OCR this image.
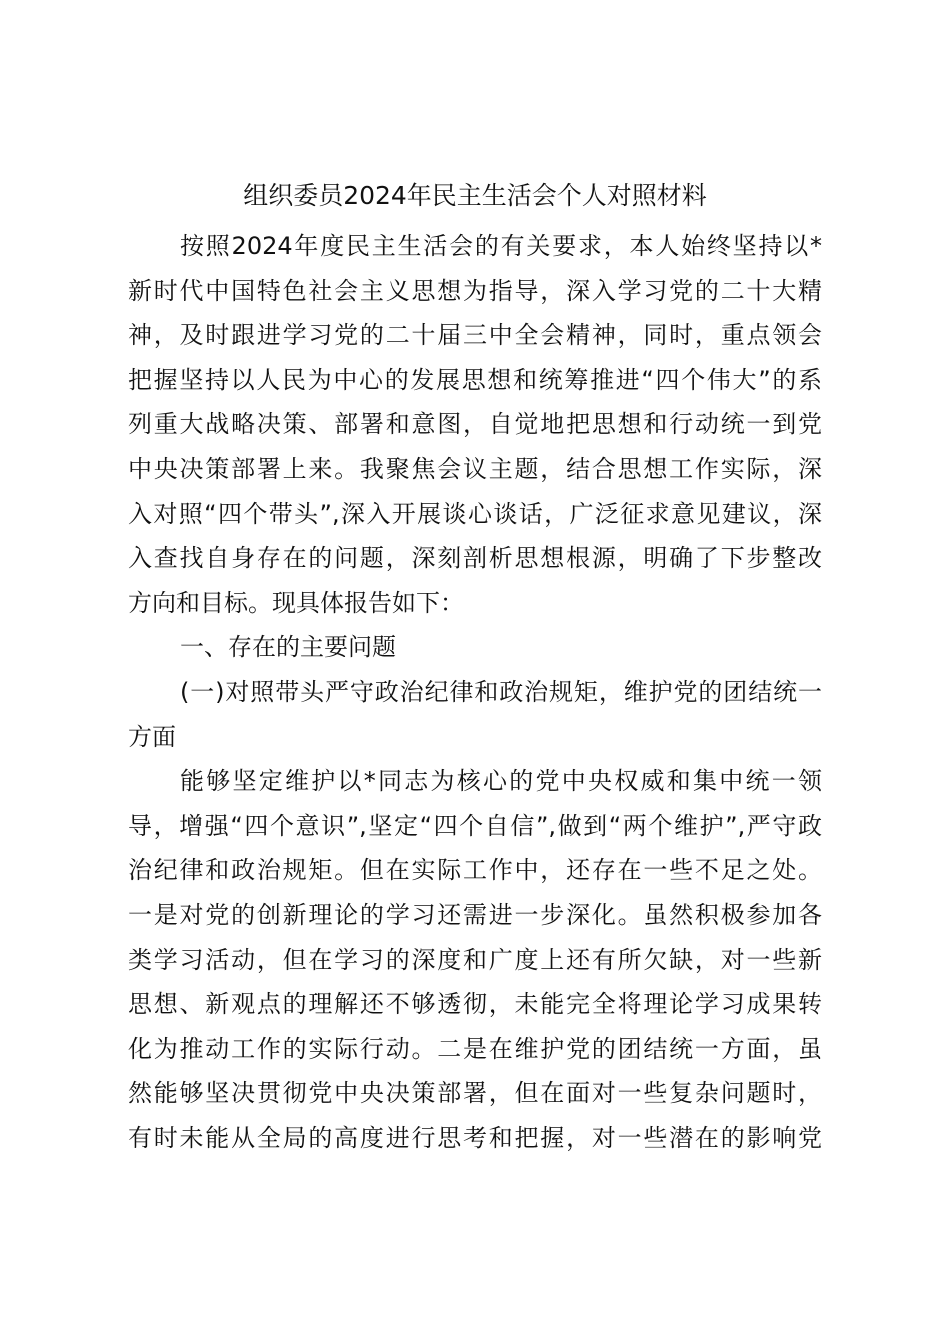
组织委员2024年民主生活会个人对照材料
按照2024年度民主生活会的有关要求，本人始终坚持以*
新时代中国特色社会主义思想为指导，深入学习党的二十大精
神，及时跟进学习党的二十届三中全会精神，同时，重点领会
把握坚持以人民为中心的发展思想和统筹推进“四个伟大”的系
列重大战略决策、部署和意图，自觉地把思想和行动统一到党
中央决策部署上来。我聚焦会议主题，结合思想工作实际，深
入对照“四个带头”,深入开展谈心谈话，广泛征求意见建议，深
入查找自身存在的问题，深刻剖析思想根源，明确了下步整改
方向和目标。现具体报告如下：
一、存在的主要问题
(一)对照带头严守政治纪律和政治规矩，维护党的团结统一
方面
能够坚定维护以*同志为核心的党中央权威和集中统一领
导，增强“四个意识”,坚定“四个自信”,做到“两个维护”,严守政
治纪律和政治规矩。但在实际工作中，还存在一些不足之处。
一是对党的创新理论的学习还需进一步深化。虽然积极参加各
类学习活动，但在学习的深度和广度上还有所欠缺，对一些新
思想、新观点的理解还不够透彻，未能完全将理论学习成果转
化为推动工作的实际行动。二是在维护党的团结统一方面，虽
然能够坚决贯彻党中央决策部署，但在面对一些复杂问题时，
有时未能从全局的高度进行思考和把握，对一些潜在的影响党
